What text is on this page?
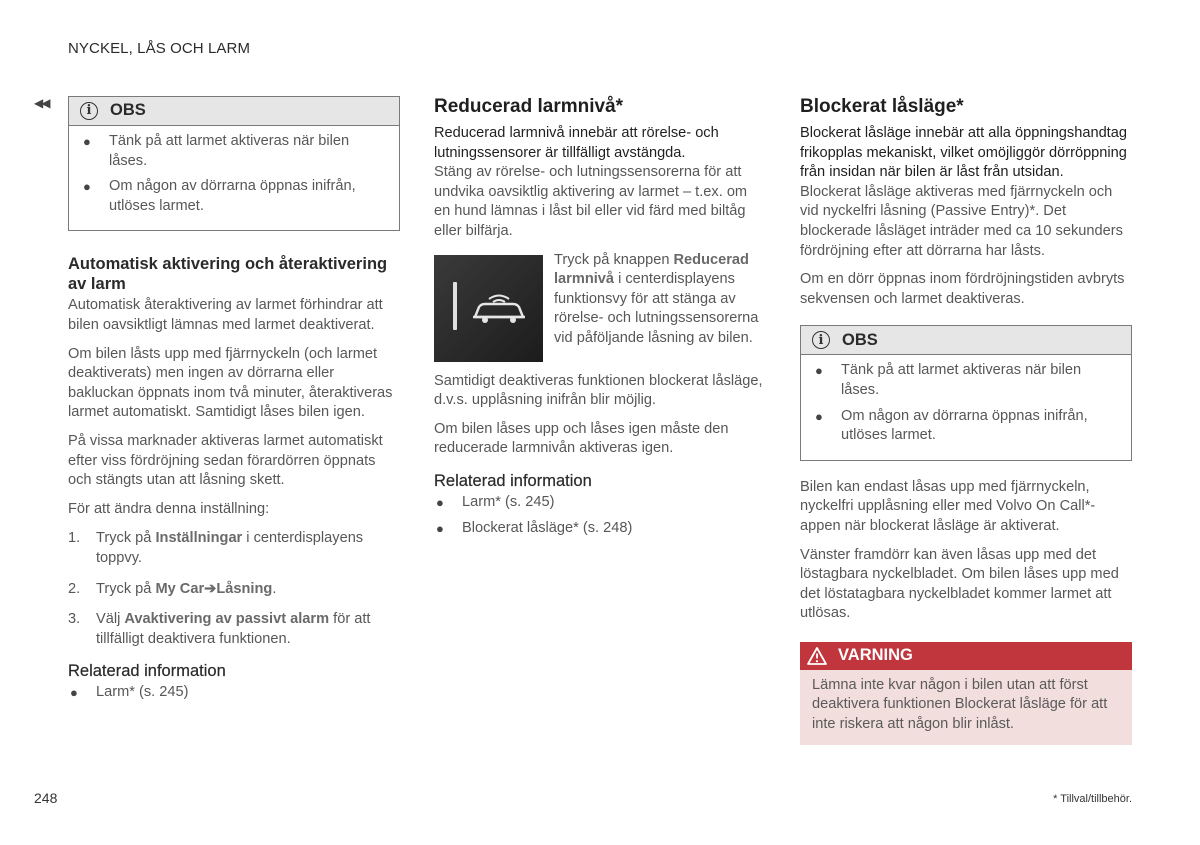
NYCKEL, LÅS OCH LARM
◀◀
i	OBS
●	Tänk på att larmet aktiveras när bilen låses.
●	Om någon av dörrarna öppnas inifrån, utlöses larmet.
Automatisk aktivering och återaktivering av larm

Automatisk återaktivering av larmet förhindrar att bilen oavsiktligt lämnas med larmet deaktiverat.

Om bilen låsts upp med fjärrnyckeln (och larmet deaktiverats) men ingen av dörrarna eller bakluckan öppnats inom två minuter, återaktiveras larmet automatiskt. Samtidigt låses bilen igen.

På vissa marknader aktiveras larmet automatiskt efter viss fördröjning sedan förardörren öppnats och stängts utan att låsning skett.

För att ändra denna inställning:

1.	Tryck på Inställningar i centerdisplayens toppvy.
2.	Tryck på My Car➔Låsning.
3.	Välj Avaktivering av passivt alarm för att tillfälligt deaktivera funktionen.
Relaterad information
●	Larm* (s. 245)
Reducerad larmnivå*
Reducerad larmnivå innebär att rörelse- och lutningssensorer är tillfälligt avstängda.

Stäng av rörelse- och lutningssensorerna för att undvika oavsiktlig aktivering av larmet – t.ex. om en hund lämnas i låst bil eller vid färd med biltåg eller bilfärja.

Tryck på knappen Reducerad larmnivå i centerdisplayens funktionsvy för att stänga av rörelse- och lutningssensorerna vid påföljande låsning av bilen.

Samtidigt deaktiveras funktionen blockerat låsläge, d.v.s. upplåsning inifrån blir möjlig.

Om bilen låses upp och låses igen måste den reducerade larmnivån aktiveras igen.

Relaterad information
●	Larm* (s. 245)
●	Blockerat låsläge* (s. 248)
Blockerat låsläge*
Blockerat låsläge innebär att alla öppningshandtag frikopplas mekaniskt, vilket omöjliggör dörröppning från insidan när bilen är låst från utsidan.

Blockerat låsläge aktiveras med fjärrnyckeln och vid nyckelfri låsning (Passive Entry)*. Det blockerade låsläget inträder med ca 10 sekunders fördröjning efter att dörrarna har låsts.

Om en dörr öppnas inom fördröjningstiden avbryts sekvensen och larmet deaktiveras.

i	OBS
●	Tänk på att larmet aktiveras när bilen låses.
●	Om någon av dörrarna öppnas inifrån, utlöses larmet.

Bilen kan endast låsas upp med fjärrnyckeln, nyckelfri upplåsning eller med Volvo On Call*-appen när blockerat låsläge är aktiverat.

Vänster framdörr kan även låsas upp med det löstagbara nyckelbladet. Om bilen låses upp med det löstatagbara nyckelbladet kommer larmet att utlösas.

VARNING
Lämna inte kvar någon i bilen utan att först deaktivera funktionen Blockerat låsläge för att inte riskera att någon blir inlåst.
248	* Tillval/tillbehör.
